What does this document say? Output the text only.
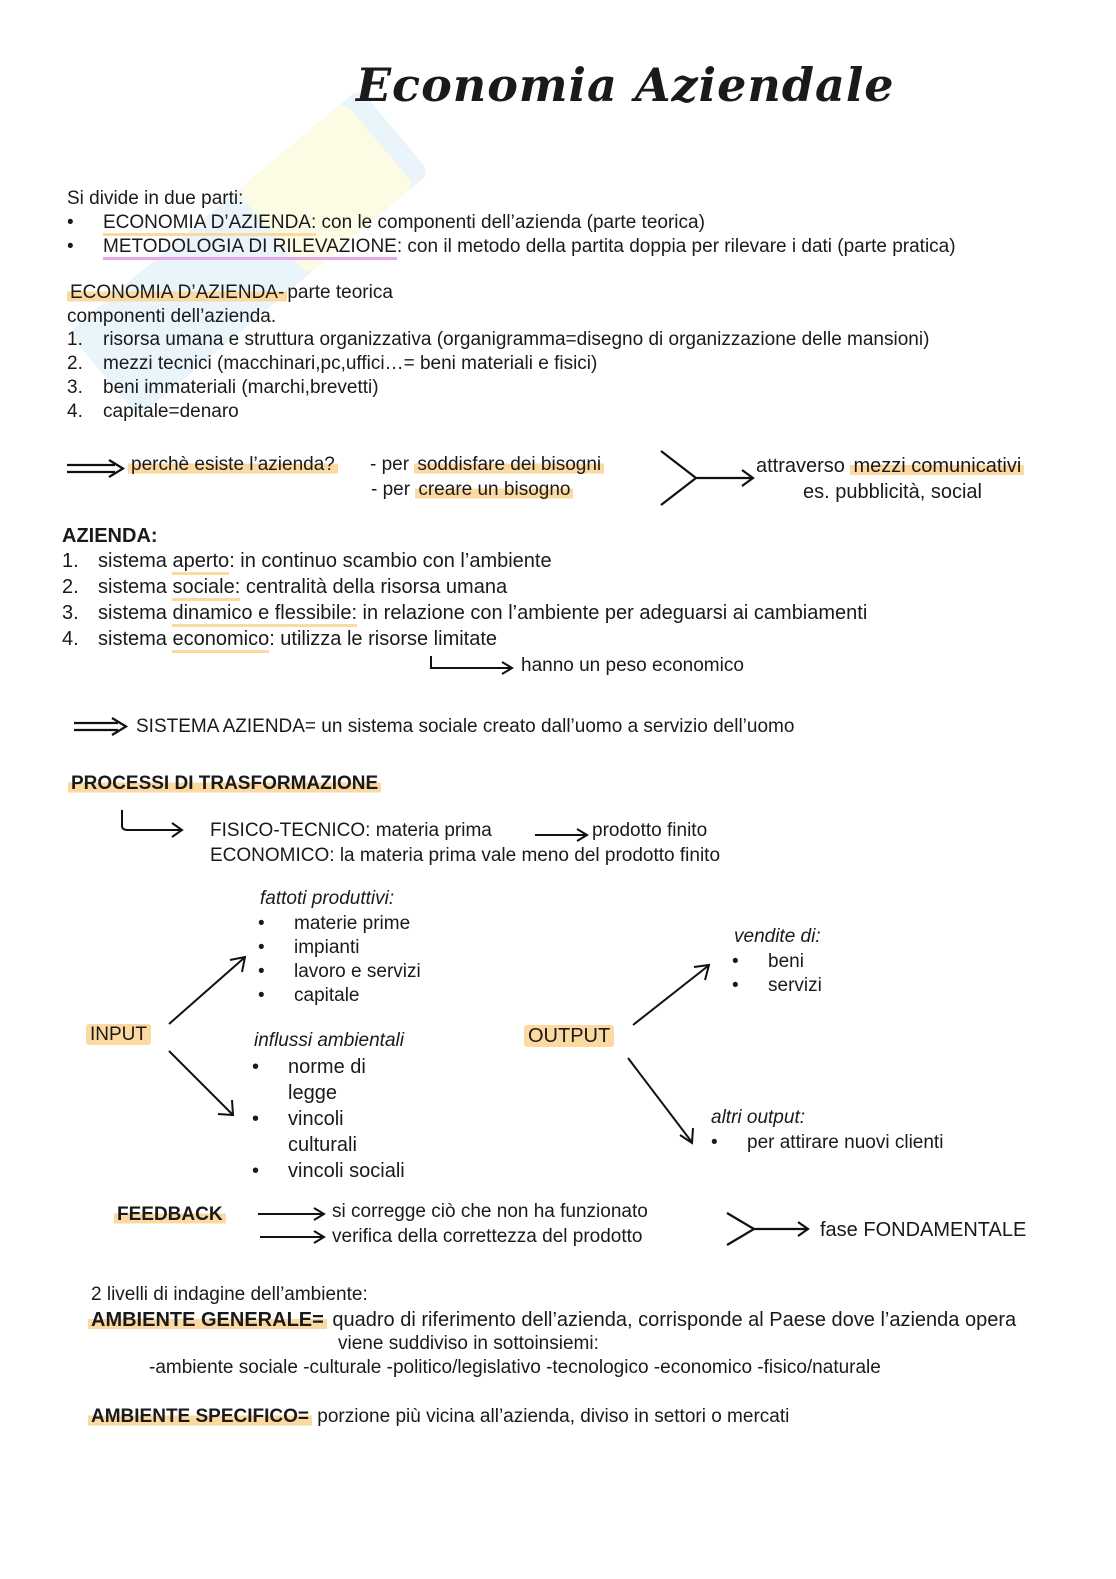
Economia Aziendale
Si divide in due parti:
• ECONOMIA D’AZIENDA: con le componenti dell’azienda (parte teorica)
• METODOLOGIA DI RILEVAZIONE: con il metodo della partita doppia per rilevare i dati (parte pratica)
ECONOMIA D’AZIENDA- parte teorica
componenti dell’azienda.
1. risorsa umana e struttura organizzativa (organigramma=disegno di organizzazione delle mansioni)
2. mezzi tecnici (macchinari,pc,uffici…= beni materiali e fisici)
3. beni immateriali (marchi,brevetti)
4. capitale=denaro
perchè esiste l’azienda? - per soddisfare dei bisogni
- per creare un bisogno
attraverso mezzi comunicativi
es. pubblicità, social
AZIENDA:
1. sistema aperto: in continuo scambio con l’ambiente
2. sistema sociale: centralità della risorsa umana
3. sistema dinamico e flessibile: in relazione con l’ambiente per adeguarsi ai cambiamenti
4. sistema economico: utilizza le risorse limitate
hanno un peso economico
SISTEMA AZIENDA= un sistema sociale creato dall’uomo a servizio dell’uomo
PROCESSI DI TRASFORMAZIONE
FISICO-TECNICO: materia prima	prodotto finito
ECONOMICO: la materia prima vale meno del prodotto finito
fattoti produttivi:
• materie prime
• impianti
• lavoro e servizi
• capitale
INPUT	influssi ambientali
• norme di
legge
• vincoli
culturali
• vincoli sociali
OUTPUT
vendite di:
• beni
• servizi
altri output:
• per attirare nuovi clienti
FEEDBACK	si corregge ciò che non ha funzionato
verifica della correttezza del prodotto	fase FONDAMENTALE
2 livelli di indagine dell’ambiente:
AMBIENTE GENERALE= quadro di riferimento dell’azienda, corrisponde al Paese dove l’azienda opera
viene suddiviso in sottoinsiemi:
-ambiente sociale -culturale -politico/legislativo -tecnologico -economico -fisico/naturale
AMBIENTE SPECIFICO= porzione più vicina all’azienda, diviso in settori o mercati
